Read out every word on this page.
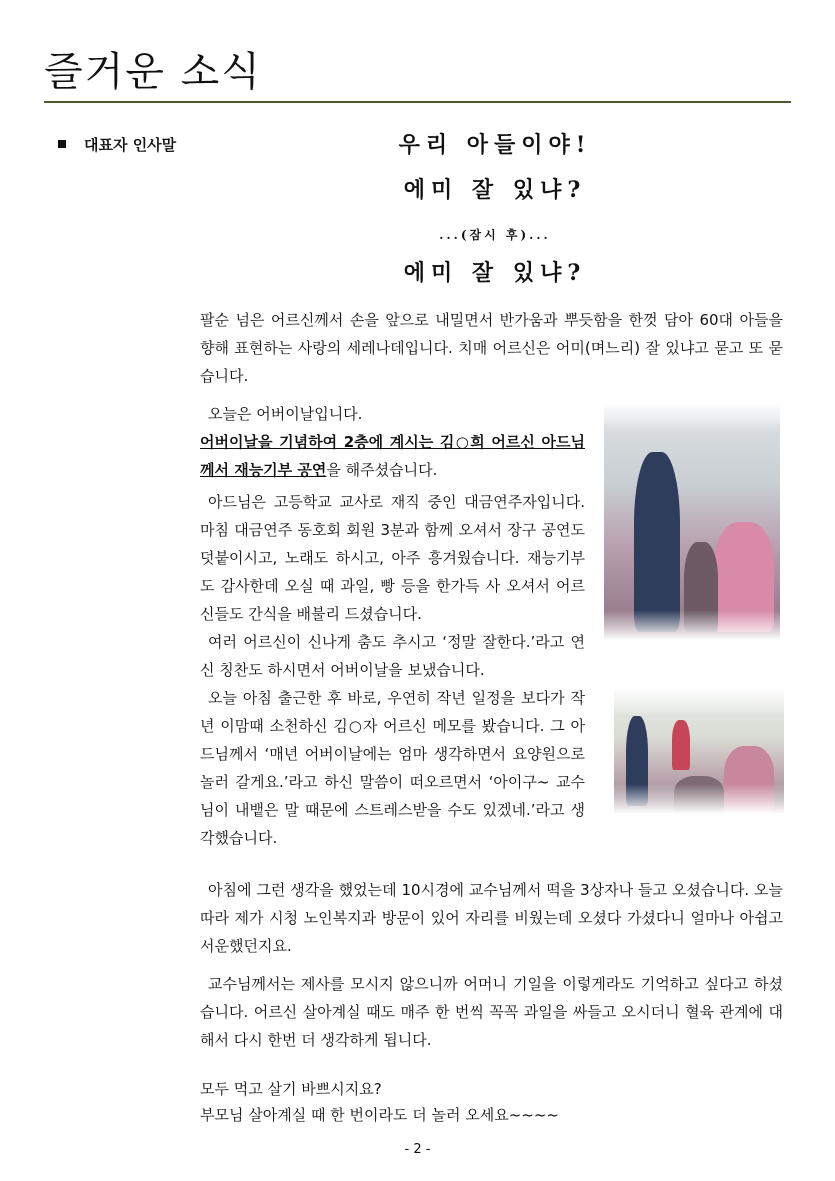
즐거운 소식
대표자 인사말	우리 아들이야!
에미 잘 있냐?
...(잠시 후)...
에미 잘 있냐?
팔순 넘은 어르신께서 손을 앞으로 내밀면서 반가움과 뿌듯함을 한껏 담아 60대 아들을 향해 표현하는 사랑의 세레나데입니다. 치매 어르신은 어미(며느리) 잘 있냐고 묻고 또 묻습니다.
오늘은 어버이날입니다.
어버이날을 기념하여 2층에 계시는 김○희 어르신 아드님께서 재능기부 공연을 해주셨습니다.
아드님은 고등학교 교사로 재직 중인 대금연주자입니다. 마침 대금연주 동호회 회원 3분과 함께 오셔서 장구 공연도 덧붙이시고, 노래도 하시고, 아주 흥겨웠습니다. 재능기부도 감사한데 오실 때 과일, 빵 등을 한가득 사 오셔서 어르신들도 간식을 배불리 드셨습니다.
여러 어르신이 신나게 춤도 추시고 ‘정말 잘한다.’라고 연신 칭찬도 하시면서 어버이날을 보냈습니다.
오늘 아침 출근한 후 바로, 우연히 작년 일정을 보다가 작년 이맘때 소천하신 김○자 어르신 메모를 봤습니다. 그 아드님께서 ‘매년 어버이날에는 엄마 생각하면서 요양원으로 놀러 갈게요.’라고 하신 말씀이 떠오르면서 ‘아이구~ 교수님이 내뱉은 말 때문에 스트레스받을 수도 있겠네.’라고 생각했습니다.
아침에 그런 생각을 했었는데 10시경에 교수님께서 떡을 3상자나 들고 오셨습니다. 오늘따라 제가 시청 노인복지과 방문이 있어 자리를 비웠는데 오셨다 가셨다니 얼마나 아쉽고 서운했던지요.
교수님께서는 제사를 모시지 않으니까 어머니 기일을 이렇게라도 기억하고 싶다고 하셨습니다. 어르신 살아계실 때도 매주 한 번씩 꼭꼭 과일을 싸들고 오시더니 혈육 관계에 대해서 다시 한번 더 생각하게 됩니다.
모두 먹고 살기 바쁘시지요?
부모님 살아계실 때 한 번이라도 더 놀러 오세요~~~~
- 2 -
